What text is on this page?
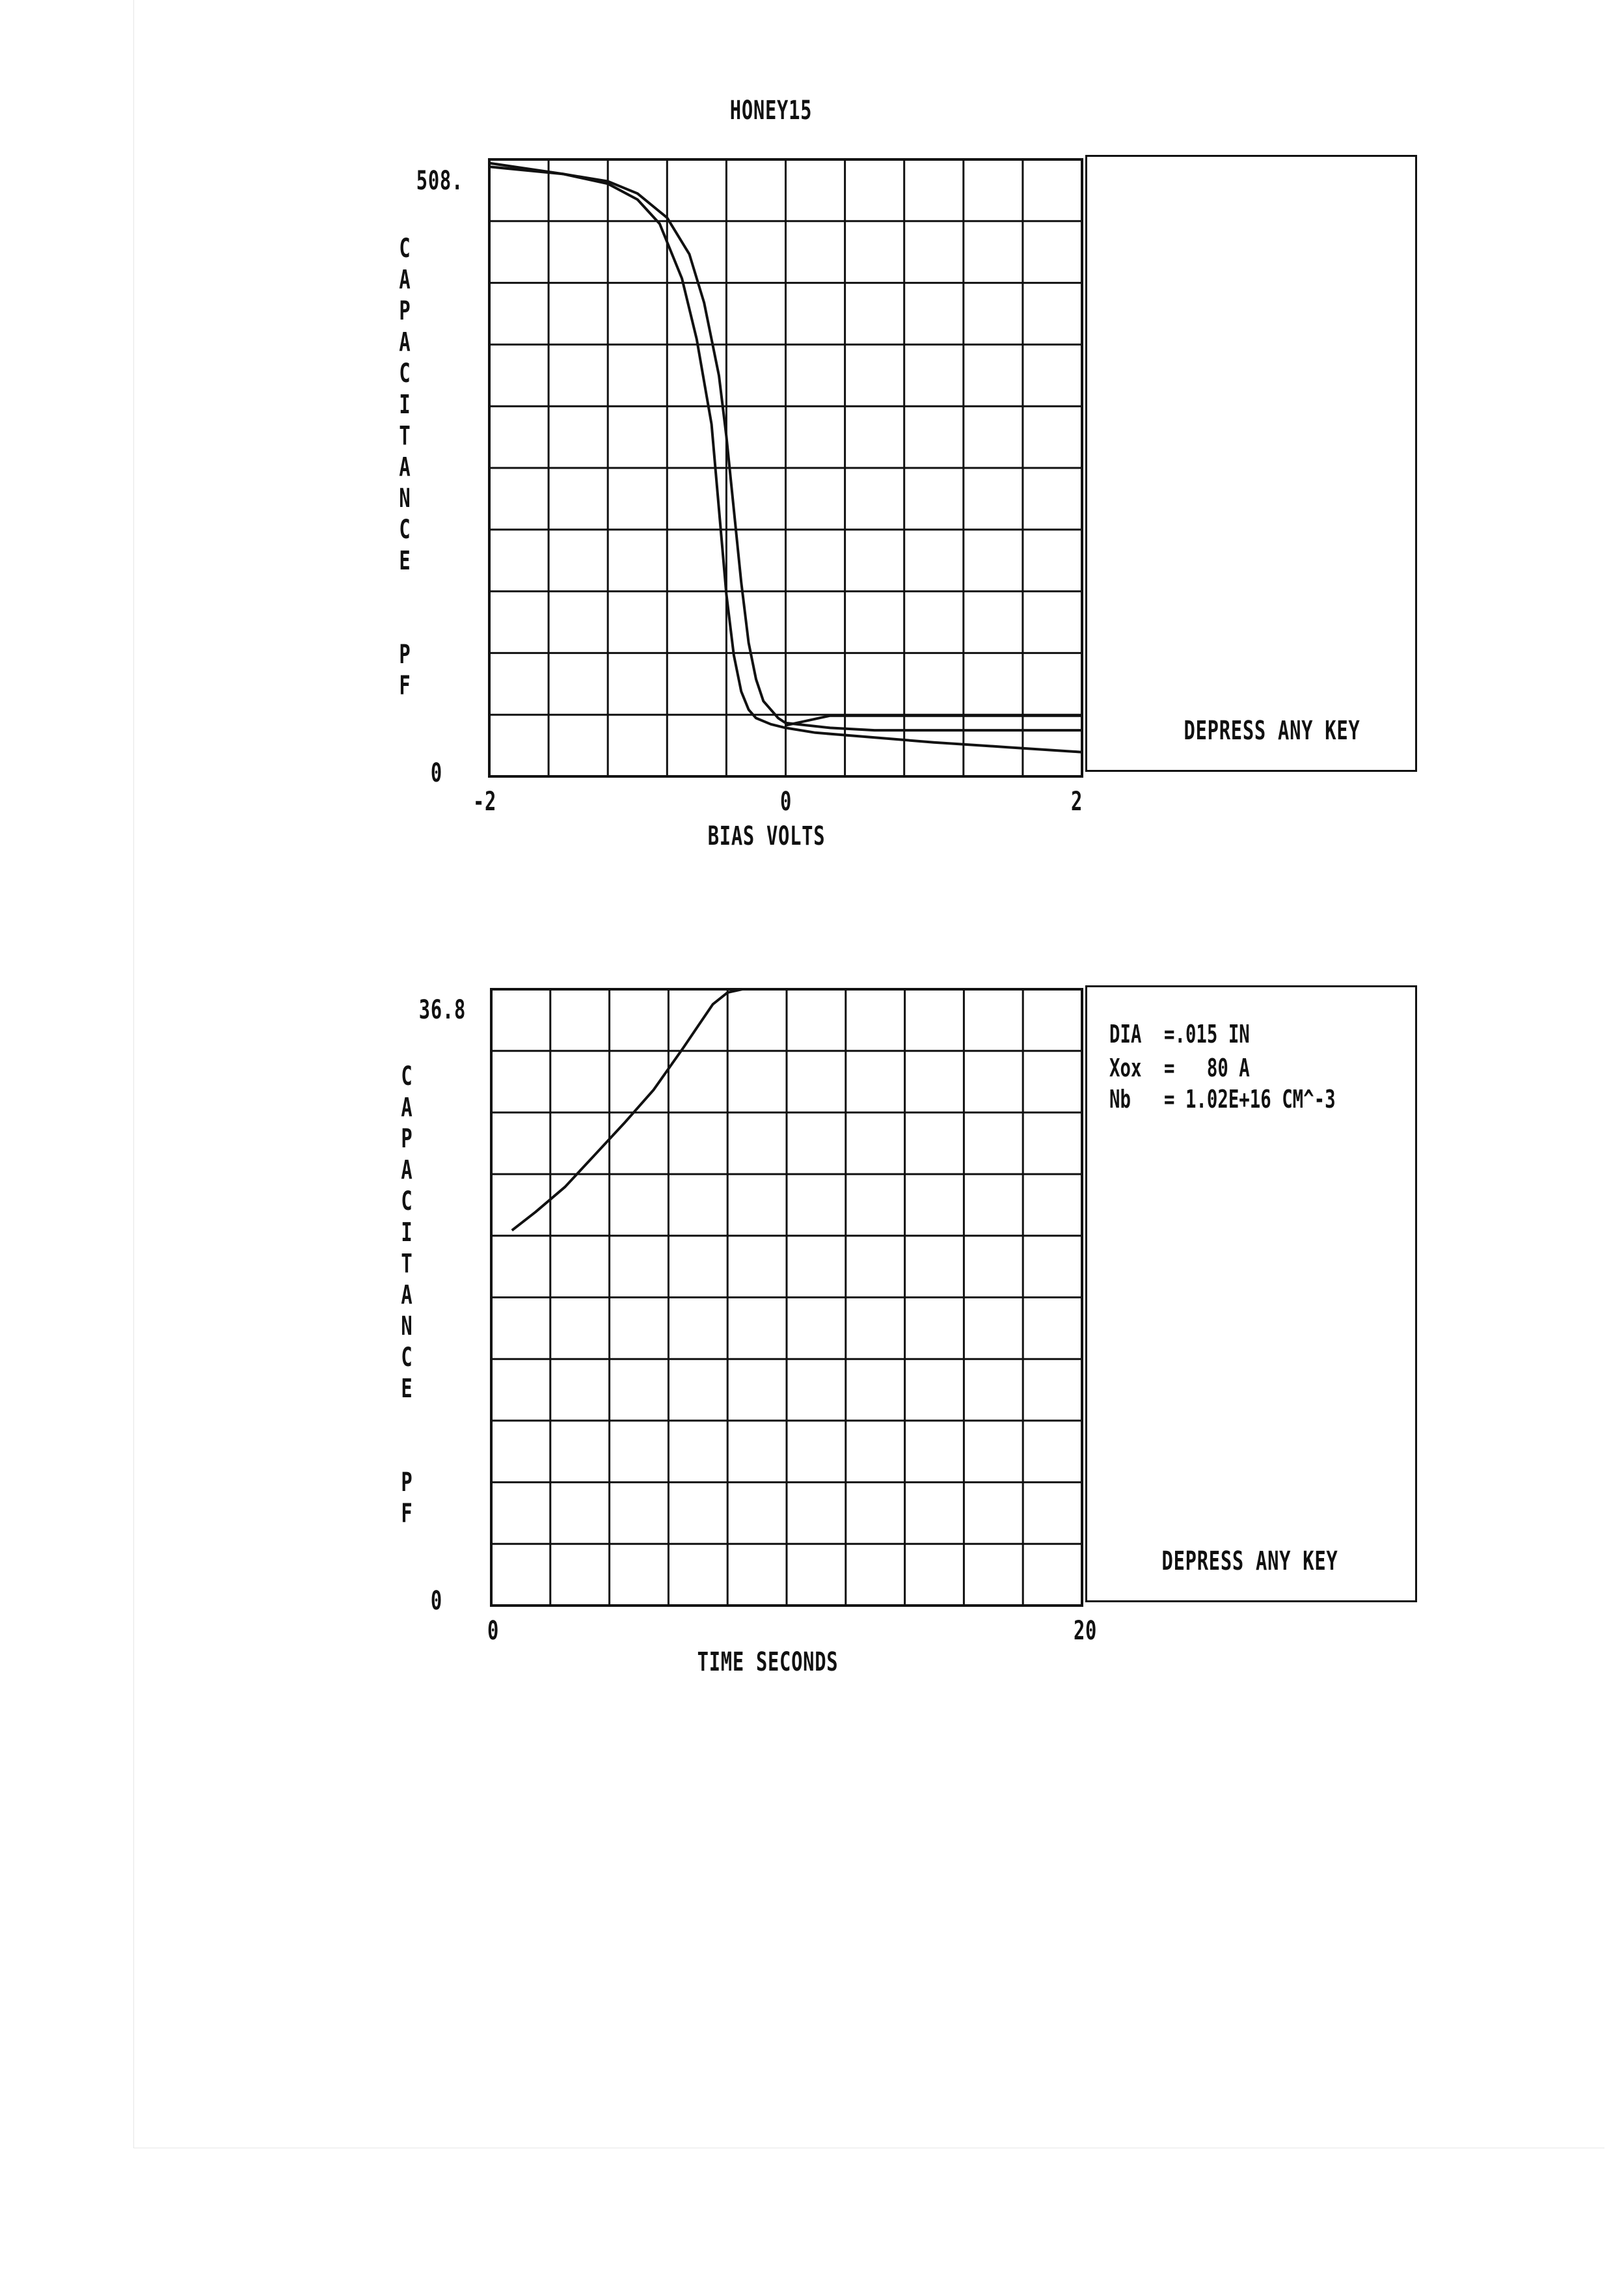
HONEY15
508.
0
C
A
P
A
C
I
T
A
N
C
E

P
F
-2	0	2
BIAS VOLTS
DEPRESS ANY KEY
36.8
0
C
A
P
A
C
I
T
A
N
C
E

P
F
0	20
TIME SECONDS
DIA =.015 IN
Xox =   80 A
Nb = 1.02E+16 CM^-3
DEPRESS ANY KEY
